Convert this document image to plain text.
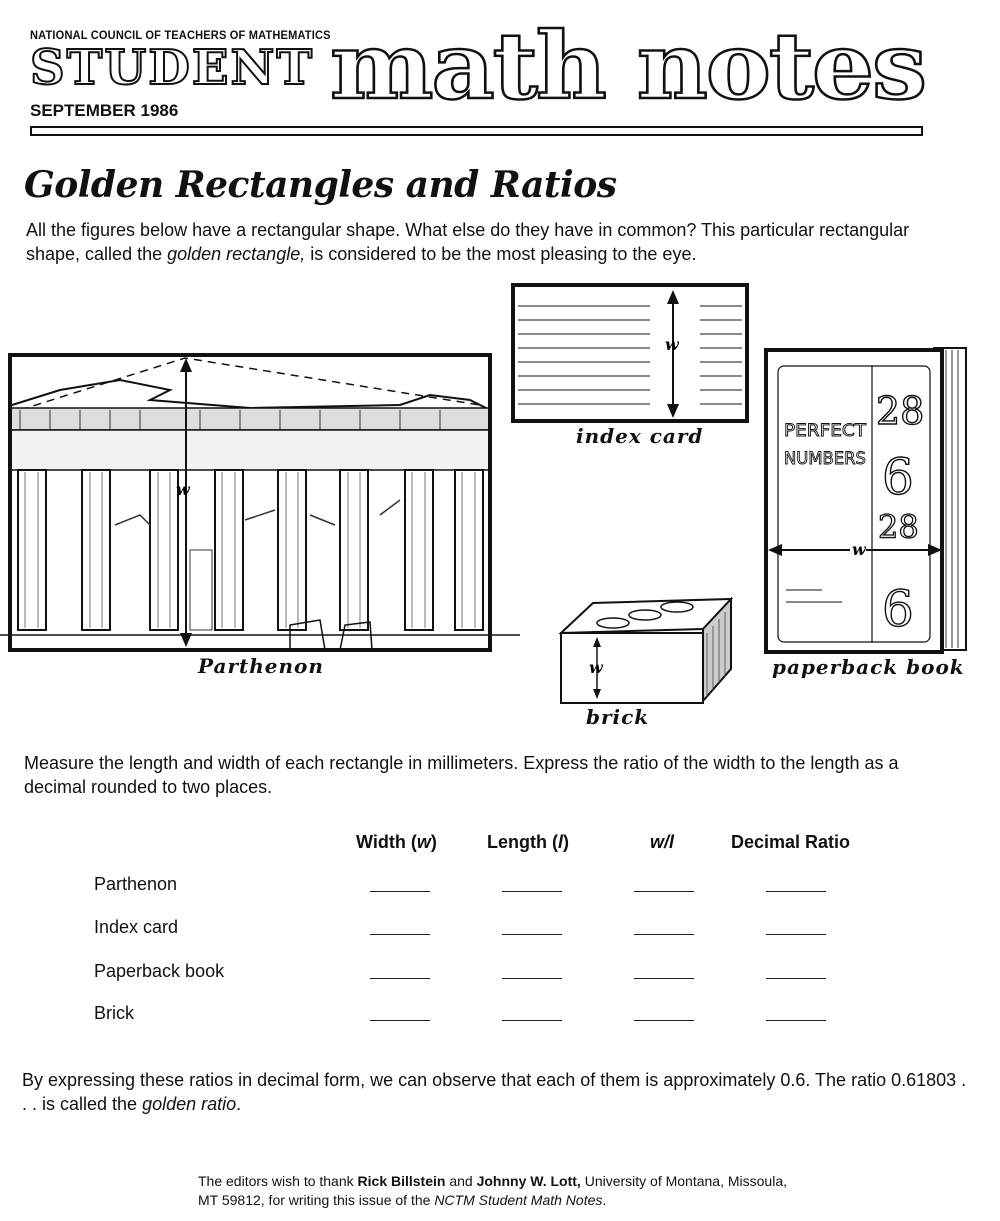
NATIONAL COUNCIL OF TEACHERS OF MATHEMATICS
STUDENT
SEPTEMBER 1986 math notes
Golden Rectangles and Ratios
All the figures below have a rectangular shape. What else do they have in common? This particular rectangular shape, called the golden rectangle, is considered to be the most pleasing to the eye.
w
Parthenon
w
index card	PERFECT
NUMBERS
28
6
28
6
w
paperback book
w
brick
Measure the length and width of each rectangle in millimeters. Express the ratio of the width to the length as a decimal rounded to two places.
Width (w)	Length (l)	w/l	Decimal Ratio
Parthenon
Index card
Paperback book
Brick
By expressing these ratios in decimal form, we can observe that each of them is approximately 0.6. The ratio 0.61803 . . . is called the golden ratio.
The editors wish to thank Rick Billstein and Johnny W. Lott, University of Montana, Missoula, MT 59812, for writing this issue of the NCTM Student Math Notes.
